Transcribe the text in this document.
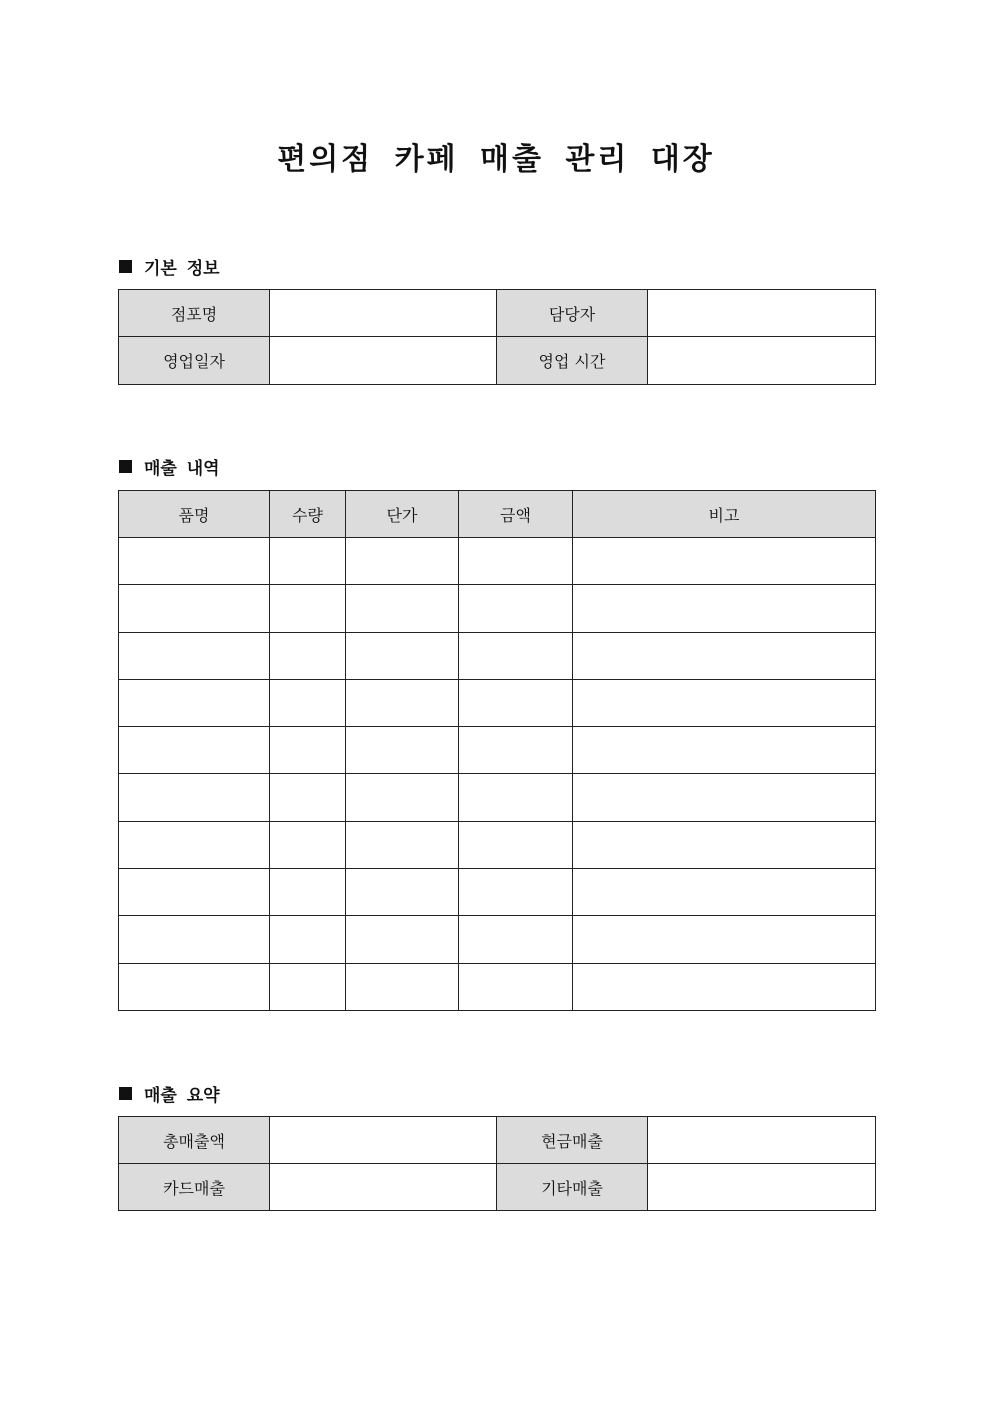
편의점 카페 매출 관리 대장
기본 정보
점포명		담당자	
영업일자		영업 시간	
매출 내역
품명	수량	단가	금액	비고

매출 요약
총매출액		현금매출	
카드매출		기타매출	
